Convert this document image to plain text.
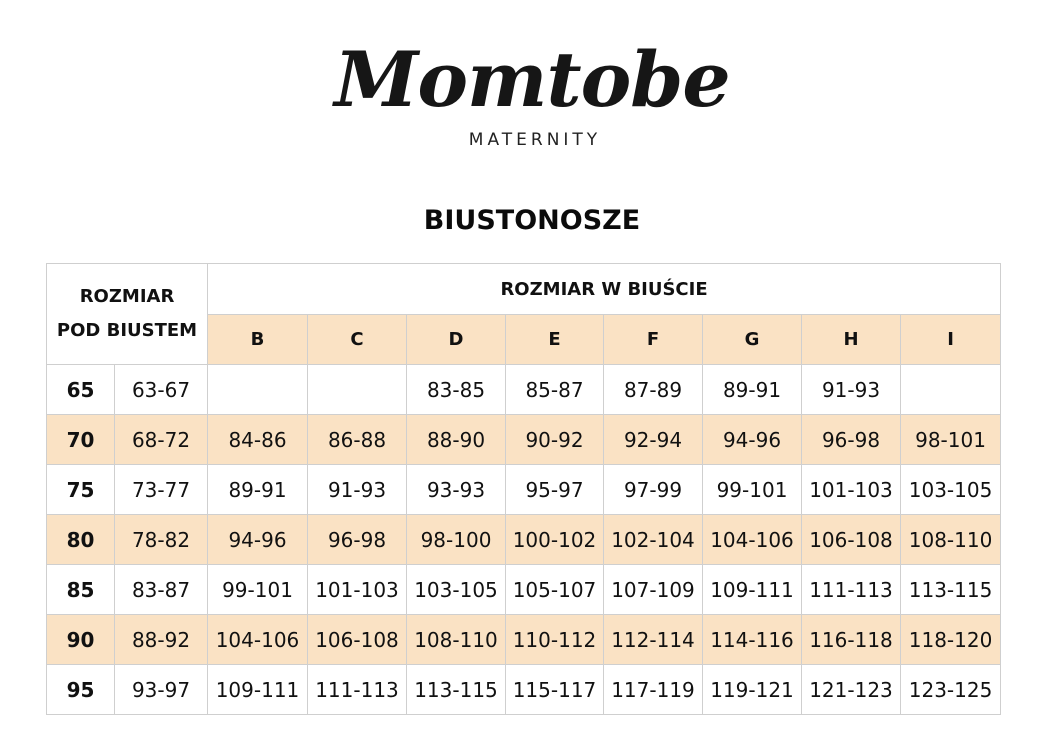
Momtobe
MATERNITY
BIUSTONOSZE
ROZMIAR
POD BIUSTEM		ROZMIAR W BIUŚCIE							
		B	C	D	E	F	G	H	I
65	63-67			83-85	85-87	87-89	89-91	91-93	
70	68-72	84-86	86-88	88-90	90-92	92-94	94-96	96-98	98-101
75	73-77	89-91	91-93	93-93	95-97	97-99	99-101	101-103	103-105
80	78-82	94-96	96-98	98-100	100-102	102-104	104-106	106-108	108-110
85	83-87	99-101	101-103	103-105	105-107	107-109	109-111	111-113	113-115
90	88-92	104-106	106-108	108-110	110-112	112-114	114-116	116-118	118-120
95	93-97	109-111	111-113	113-115	115-117	117-119	119-121	121-123	123-125
